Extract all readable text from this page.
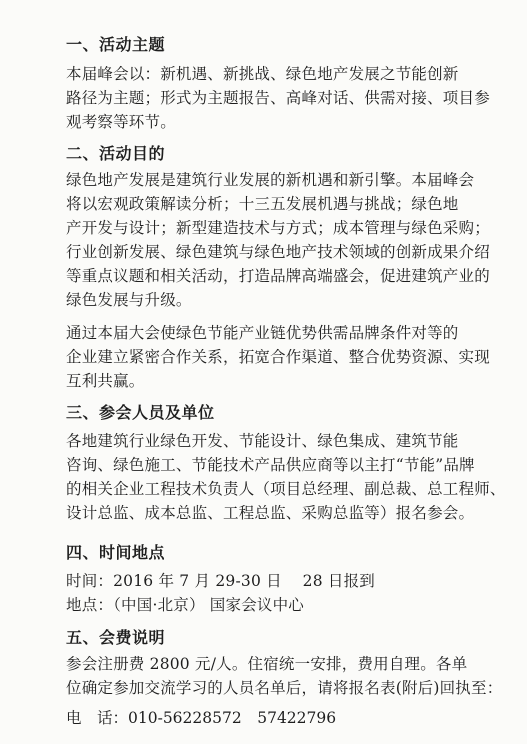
一、活动主题
本届峰会以：新机遇、新挑战、绿色地产发展之节能创新
路径为主题；形式为主题报告、高峰对话、供需对接、项目参
观考察等环节。
二、活动目的
绿色地产发展是建筑行业发展的新机遇和新引擎。本届峰会
将以宏观政策解读分析；十三五发展机遇与挑战；绿色地
产开发与设计；新型建造技术与方式；成本管理与绿色采购；
行业创新发展、绿色建筑与绿色地产技术领域的创新成果介绍
等重点议题和相关活动，打造品牌高端盛会，促进建筑产业的
绿色发展与升级。
通过本届大会使绿色节能产业链优势供需品牌条件对等的
企业建立紧密合作关系，拓宽合作渠道、整合优势资源、实现
互利共赢。
三、参会人员及单位
各地建筑行业绿色开发、节能设计、绿色集成、建筑节能
咨询、绿色施工、节能技术产品供应商等以主打“节能”品牌
的相关企业工程技术负责人（项目总经理、副总裁、总工程师、
设计总监、成本总监、工程总监、采购总监等）报名参会。
四、时间地点
时间：2016 年 7 月 29-30 日　 28 日报到
地点：（中国·北京） 国家会议中心
五、会费说明
参会注册费 2800 元/人。住宿统一安排，费用自理。各单
位确定参加交流学习的人员名单后，请将报名表(附后)回执至：
电　话：010-56228572　57422796
